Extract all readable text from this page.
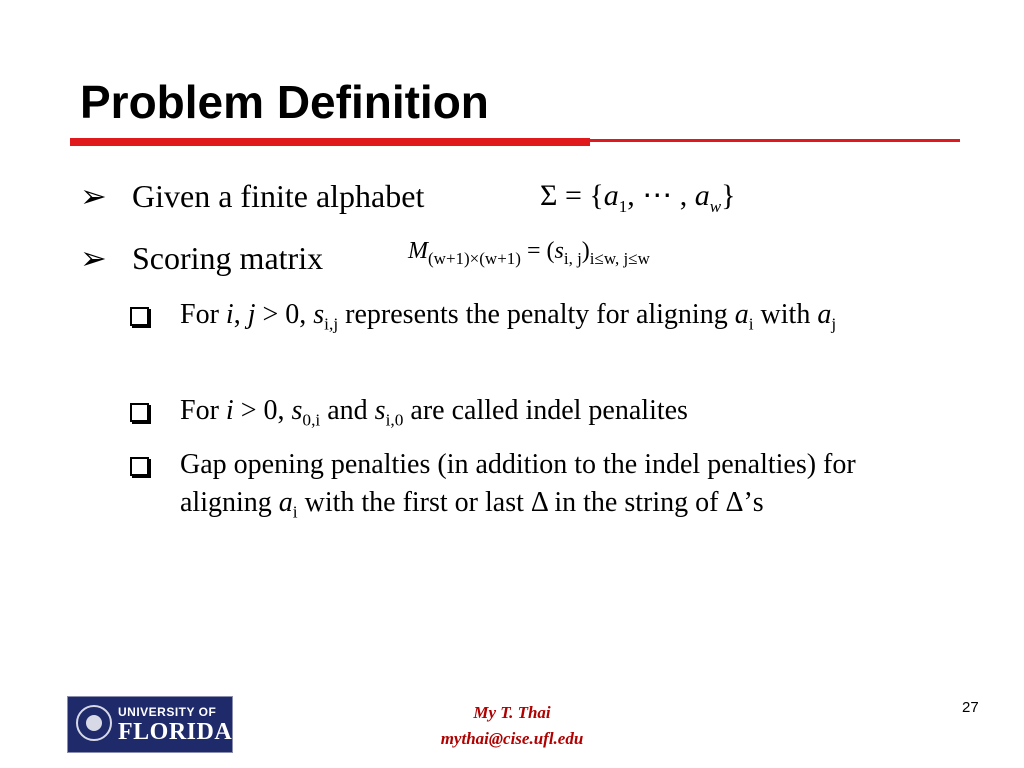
Problem Definition
➢ Given a finite alphabet	$\Sigma = \{a_1$, ⋯ , $a_w$}
➢ Scoring matrix	$M_{(w+1)\times(w+1)} = (s_{i, j})_{i\le w, j\le w}$
For i, j > 0, $s_{i,j}$ represents the penalty for aligning $a_i$ with $a_j$
For i > 0, $s_{0,i}$ and $s_{i,0}$ are called indel penalites
Gap opening penalties (in addition to the indel penalties) for aligning $a_i$ with the first or last Δ in the string of Δ’s
UNIVERSITY OF
FLORIDA
My T. Thai
mythai@cise.ufl.edu
27
